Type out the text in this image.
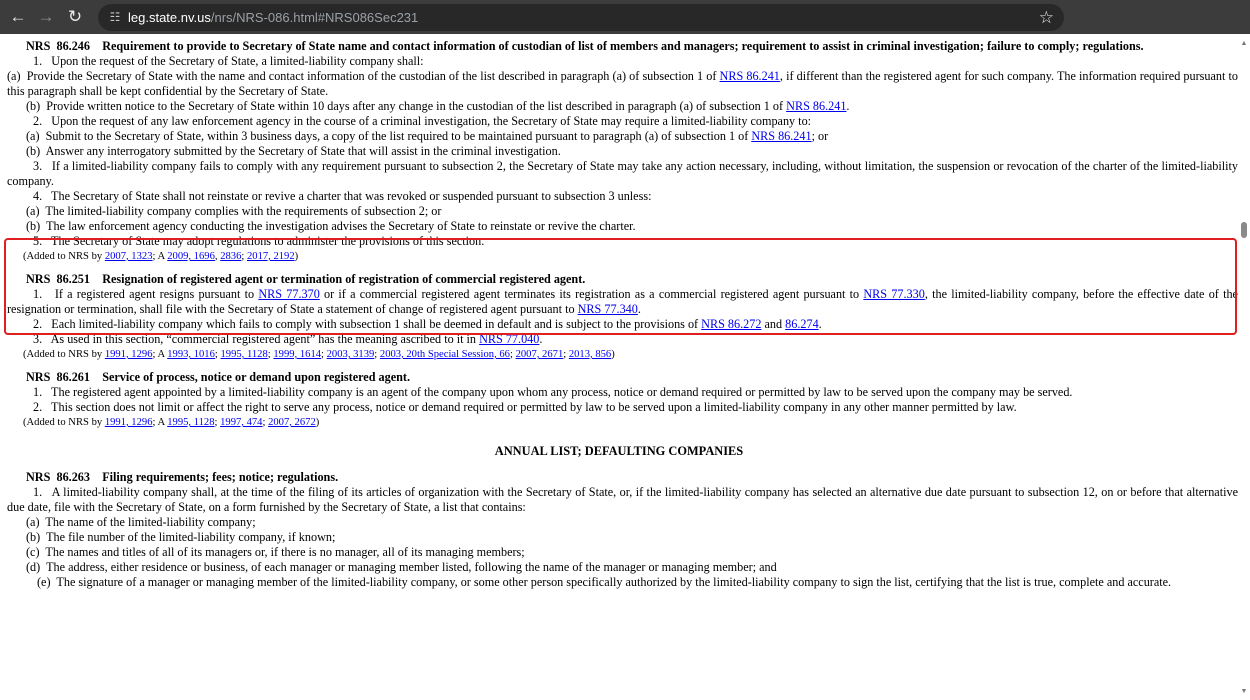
← → ↻	☷ leg.state.nv.us/nrs/NRS-086.html#NRS086Sec231	☆

NRS  86.246    Requirement to provide to Secretary of State name and contact information of custodian of list of members and managers; requirement to assist in criminal investigation; failure to comply; regulations.

1.   Upon the request of the Secretary of State, a limited-liability company shall:

(a)  Provide the Secretary of State with the name and contact information of the custodian of the list described in paragraph (a) of subsection 1 of NRS 86.241, if different than the registered agent for such company. The information required pursuant to this paragraph shall be kept confidential by the Secretary of State.

(b)  Provide written notice to the Secretary of State within 10 days after any change in the custodian of the list described in paragraph (a) of subsection 1 of NRS 86.241.

2.   Upon the request of any law enforcement agency in the course of a criminal investigation, the Secretary of State may require a limited-liability company to:

(a)  Submit to the Secretary of State, within 3 business days, a copy of the list required to be maintained pursuant to paragraph (a) of subsection 1 of NRS 86.241; or

(b)  Answer any interrogatory submitted by the Secretary of State that will assist in the criminal investigation.

3.   If a limited-liability company fails to comply with any requirement pursuant to subsection 2, the Secretary of State may take any action necessary, including, without limitation, the suspension or revocation of the charter of the limited-liability company.

4.   The Secretary of State shall not reinstate or revive a charter that was revoked or suspended pursuant to subsection 3 unless:

(a)  The limited-liability company complies with the requirements of subsection 2; or

(b)  The law enforcement agency conducting the investigation advises the Secretary of State to reinstate or revive the charter.

5.   The Secretary of State may adopt regulations to administer the provisions of this section.

(Added to NRS by 2007, 1323; A 2009, 1696, 2836; 2017, 2192)

NRS  86.251    Resignation of registered agent or termination of registration of commercial registered agent.

1.   If a registered agent resigns pursuant to NRS 77.370 or if a commercial registered agent terminates its registration as a commercial registered agent pursuant to NRS 77.330, the limited-liability company, before the effective date of the resignation or termination, shall file with the Secretary of State a statement of change of registered agent pursuant to NRS 77.340.

2.   Each limited-liability company which fails to comply with subsection 1 shall be deemed in default and is subject to the provisions of NRS 86.272 and 86.274.

3.   As used in this section, “commercial registered agent” has the meaning ascribed to it in NRS 77.040.

(Added to NRS by 1991, 1296; A 1993, 1016; 1995, 1128; 1999, 1614; 2003, 3139; 2003, 20th Special Session, 66; 2007, 2671; 2013, 856)

NRS  86.261    Service of process, notice or demand upon registered agent.

1.   The registered agent appointed by a limited-liability company is an agent of the company upon whom any process, notice or demand required or permitted by law to be served upon the company may be served.

2.   This section does not limit or affect the right to serve any process, notice or demand required or permitted by law to be served upon a limited-liability company in any other manner permitted by law.

(Added to NRS by 1991, 1296; A 1995, 1128; 1997, 474; 2007, 2672)

ANNUAL LIST; DEFAULTING COMPANIES

NRS  86.263    Filing requirements; fees; notice; regulations.

1.   A limited-liability company shall, at the time of the filing of its articles of organization with the Secretary of State, or, if the limited-liability company has selected an alternative due date pursuant to subsection 12, on or before that alternative due date, file with the Secretary of State, on a form furnished by the Secretary of State, a list that contains:

(a)  The name of the limited-liability company;

(b)  The file number of the limited-liability company, if known;

(c)  The names and titles of all of its managers or, if there is no manager, all of its managing members;

(d)  The address, either residence or business, of each manager or managing member listed, following the name of the manager or managing member; and

(e)  The signature of a manager or managing member of the limited-liability company, or some other person specifically authorized by the limited-liability company to sign the list, certifying that the list is true, complete and accurate.

▲
▼
